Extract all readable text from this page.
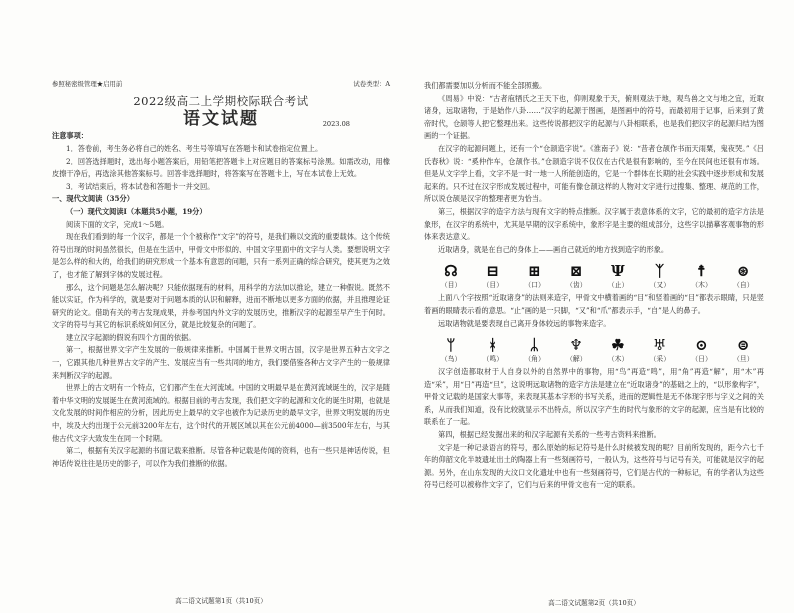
参照秘密级管理★启用前	试卷类型：A
2022级高二上学期校际联合考试
语文试题	2023.08

注意事项：

1．答卷前，考生务必将自己的姓名、考生号等填写在答题卡和试卷指定位置上。

2．回答选择题时，选出每小题答案后，用铅笔把答题卡上对应题目的答案标号涂黑。如需改动，用橡皮擦干净后，再选涂其他答案标号。回答非选择题时，将答案写在答题卡上，写在本试卷上无效。

3．考试结束后，将本试卷和答题卡一并交回。

一、现代文阅读（35分）

（一）现代文阅读Ⅰ（本题共5小题，19分）

阅读下面的文字，完成1～5题。

现在我们看到的每一个汉字，都是一个个被称作“文字”的符号，是我们赖以交流的重要载体。这个传统符号出现的时间虽然很长，但是在生活中，甲骨文中形似的、中国文字里面中的文字与人类。要想说明文字是怎么样的和大的，给我们的研究形成一个基本有意思的问题，只有一系列正确的综合研究，使其更为之效了，也才能了解到字体的发展过程。

那么，这个问题是怎么解决呢？只能依据现有的材料，用科学的方法加以推论，建立一种假说。既然不能以实证，作为科学的，就是要对于问题本质的认识和解释，进而不断地以更多方面的依据，并且推理论证研究的论文。借助有关的考古发现成果，并参考国内外文字的发展历史，推断汉字的起源至早产生于何时。文字的符号与其它的标识系统如何区分，就是比较复杂的问题了。

建立汉字起源的假说有四个方面的依据。

第一，根据世界文字产生发展的一般规律来推断。中国属于世界文明古国，汉字是世界五种古文字之一，它跟其他几种世界古文字的产生、发展应当有一些共同的地方，我们要借鉴各种古文字产生的一般规律来判断汉字的起源。

世界上的古文明有一个特点，它们都产生在大河流域。中国的文明最早是在黄河流域诞生的，汉字是随着中华文明的发展诞生在黄河流域的。根据目前的考古发现，我们把文字的起源和文化的诞生时期，也就是文化发展的时间作相应的分析，因此历史上最早的文字也被作为记录历史的最早文字，世界文明发展的历史中，埃及大约出现于公元前3200年左右，这个时代的开展区域以其在公元前4000—前3500年左右，与其他古代文字大致发生在同一个时期。

第二，根据有关汉字起源的书面记载来推断。尽管各种记载是传闻的资料，也有一些只是神话传说，但神话传说往往是历史的影子，可以作为我们推断的依据。

高二语文试题第1页（共10页）

我们都需要加以分析而不能全部照搬。

《周易》中说：“古者庖牺氏之王天下也，仰则观象于天，俯则观法于地，观鸟兽之文与地之宜，近取诸身，远取诸物，于是始作八卦……”汉字的起源于图画，是图画中的符号，而最初用于记事，后来到了黄帝时代，仓颉等人把它整理出来。这些传说都把汉字的起源与八卦相联系，也是我们把汉字的起源归结为图画的一个证据。

在汉字的起源问题上，还有一个“仓颉造字说”。《淮南子》说：“昔者仓颉作书而天雨粟，鬼夜哭。”《吕氏春秋》说：“奚仲作车，仓颉作书。”仓颉造字说不仅仅在古代是很有影响的，至今在民间也还很有市场。但是从文字学上看，文字不是一时一地一人所能创造的，它是一个群体在长期的社会实践中逐步形成和发展起来的。只不过在汉字形成发展过程中，可能有像仓颉这样的人物对文字进行过搜集、整理、规范的工作，所以说仓颉是汉字的整理者更为恰当。

第三，根据汉字的造字方法与现有文字的特点推断。汉字属于表意体系的文字，它的最初的造字方法是象形，在汉字的系统中，尤其是早期的汉字系统中，象形字是主要的组成部分，这些字以描摹客观事物的形体来表达意义。

近取诸身，就是在自己的身体上——画自己就近的地方找到造字的形象。

☊
（目）
⊟
（目）
⊞
（口）
⊠
（齿）
Ψ
（止）
ᛉ
（又）
☨
（木）
⊛
（自）

上面八个字按照“近取诸身”的法则来造字，甲骨文中横着画的“目”和竖着画的“目”都表示眼睛，只是竖着画的眼睛表示看的意思。“止”画的是一只脚，“又”和“爪”都表示手，“自”是人的鼻子。

远取诸物就是要表现自己离开身体较远的事物来造字。

ᛘ
（鸟）
ᚼ
（鸣）
ᛦ
（角）
♆
（解）
☘
（木）
♅
（采）
⊙
（日）
⊜
（旦）

汉字创造都取材于人自身以外的自然界中的事物，用“鸟”再造“鸣”，用“角”再造“解”，用“木”再造“采”，用“日”再造“旦”，这说明远取诸物的造字方法是建立在“近取诸身”的基础之上的，“以形象构字”，甲骨文记载的是国家大事等，来表现其基本字形的书写关系，进而的逻辑性是无不体现字形与字义之间的关系，从而我们知道，没有比较就显示不出特点，所以汉字产生的时代与象形的文字的起源，应当是有比较的联系在了一起。

第四，根据已经发掘出来的和汉字起源有关系的一些考古资料来推断。

文字是一种记录语言的符号，那么原始的标记符号是什么时候被发现的呢？目前所发现的，距今六七千年的仰韶文化半坡遗址出土的陶器上有一些刻画符号，一般认为，这些符号与记号有关，可能就是汉字的起源。另外，在山东发现的大汶口文化遗址中也有一些刻画符号，它们是古代的一种标记，有的学者认为这些符号已经可以被称作文字了，它们与后来的甲骨文也有一定的联系。

高二语文试题第2页（共10页）
